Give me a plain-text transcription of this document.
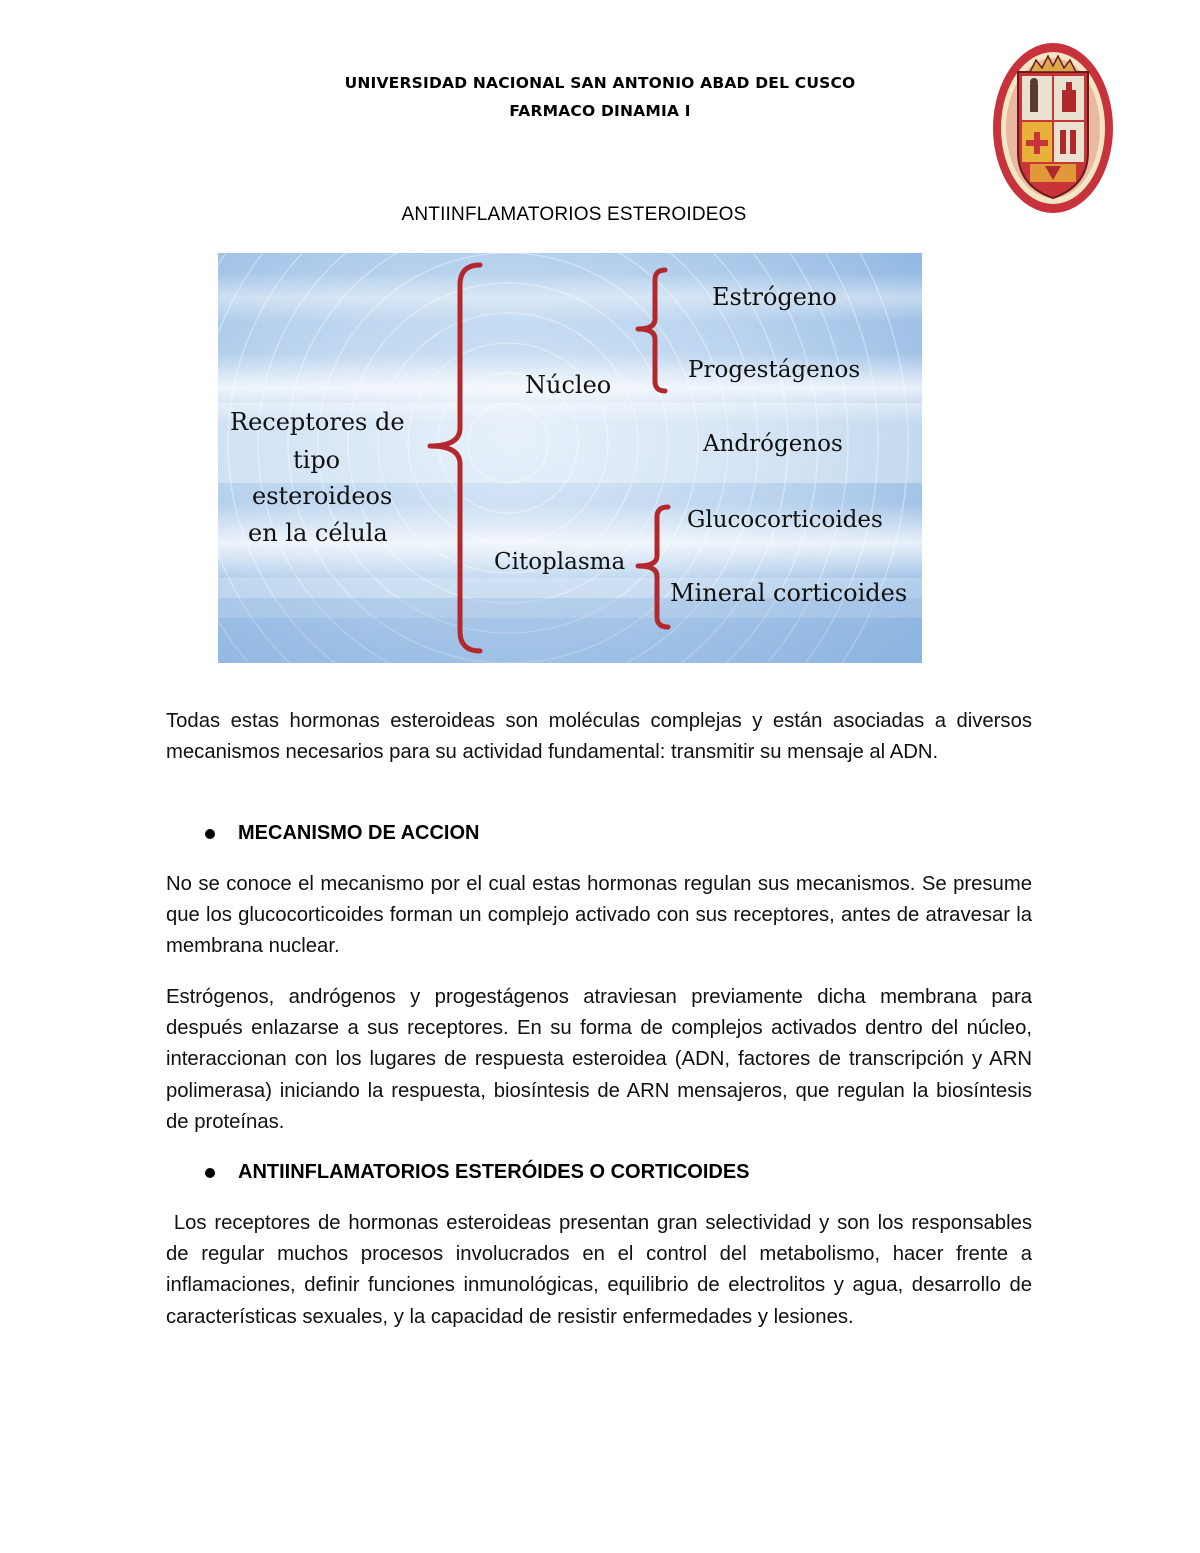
UNIVERSIDAD NACIONAL SAN ANTONIO ABAD DEL CUSCO
FARMACO DINAMIA I
ANTIINFLAMATORIOS ESTEROIDEOS
Receptores de
tipo
esteroideos
en la célula
Núcleo
Estrógeno
Progestágenos
Andrógenos
Citoplasma
Glucocorticoides
Mineral corticoides

Todas estas hormonas esteroideas son moléculas complejas y están asociadas a diversos mecanismos necesarios para su actividad fundamental: transmitir su mensaje al ADN.

MECANISMO DE ACCION

No se conoce el mecanismo por el cual estas hormonas regulan sus mecanismos. Se presume que los glucocorticoides forman un complejo activado con sus receptores, antes de atravesar la membrana nuclear.

Estrógenos, andrógenos y progestágenos atraviesan previamente dicha membrana para después enlazarse a sus receptores. En su forma de complejos activados dentro del núcleo, interaccionan con los lugares de respuesta esteroidea (ADN, factores de transcripción y ARN polimerasa) iniciando la respuesta, biosíntesis de ARN mensajeros, que regulan la biosíntesis de proteínas.

ANTIINFLAMATORIOS ESTERÓIDES O CORTICOIDES

Los receptores de hormonas esteroideas presentan gran selectividad y son los responsables de regular muchos procesos involucrados en el control del metabolismo, hacer frente a inflamaciones, definir funciones inmunológicas, equilibrio de electrolitos y agua, desarrollo de características sexuales, y la capacidad de resistir enfermedades y lesiones.
